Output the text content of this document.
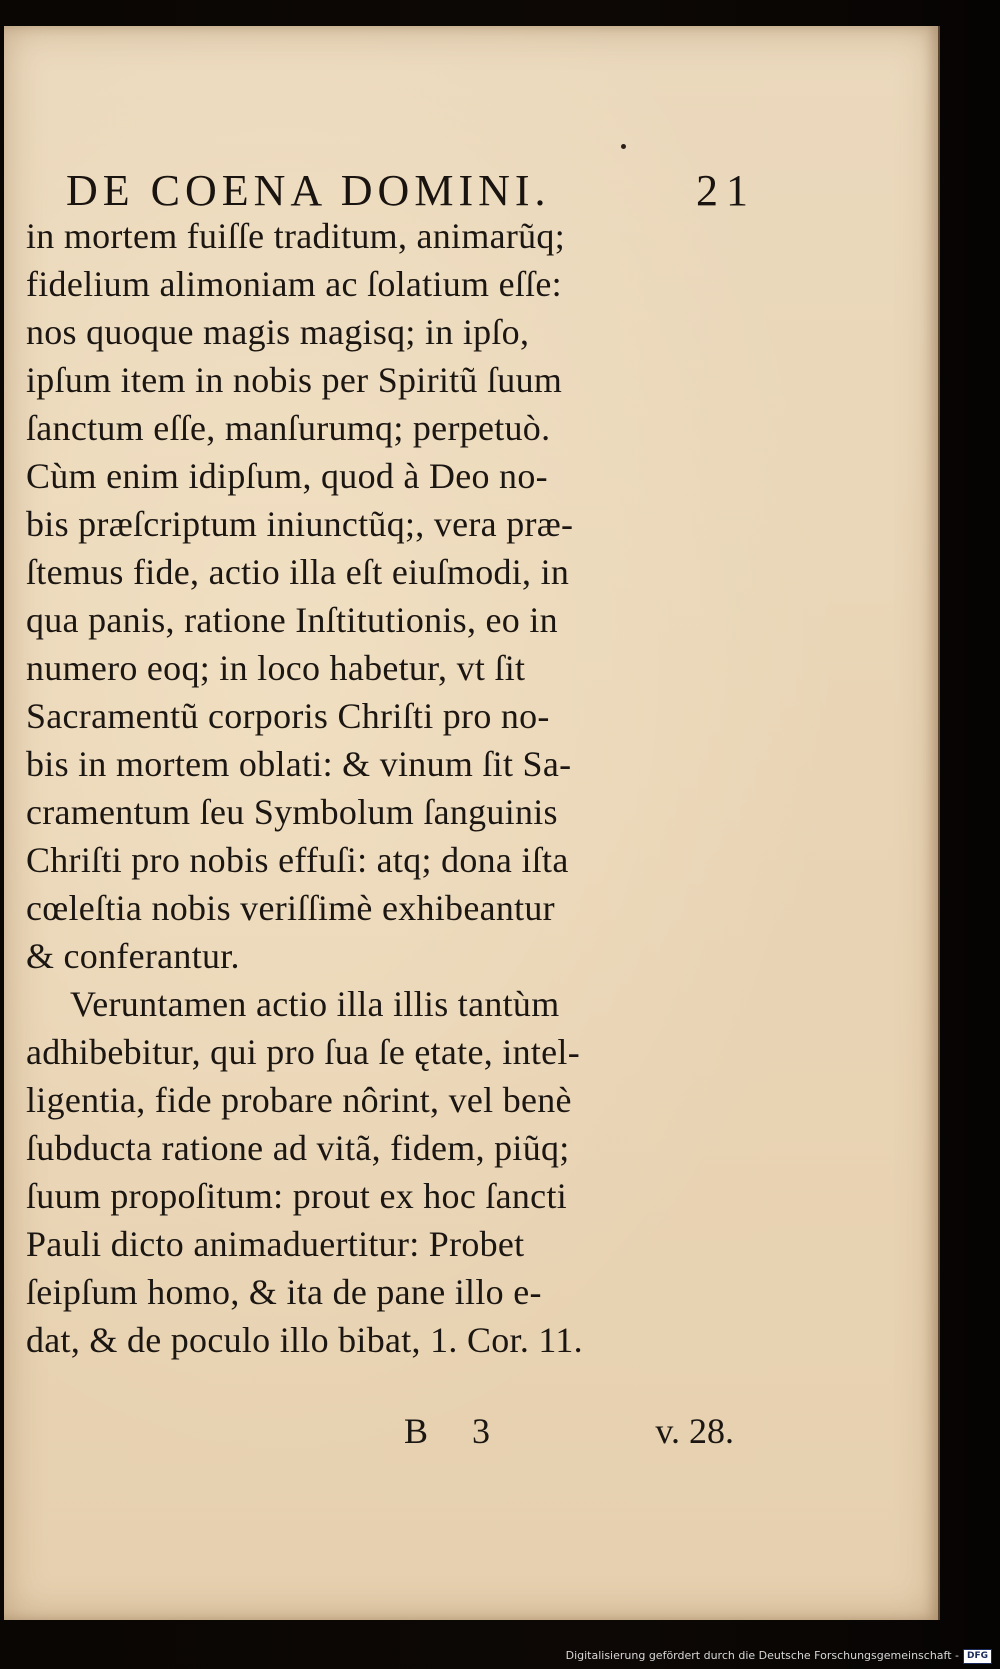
DE COENA DOMINI.	21
in mortem fuiſſe traditum, animarũq;
fidelium alimoniam ac ſolatium eſſe:
nos quoque magis magisq; in ipſo,
ipſum item in nobis per Spiritũ ſuum
ſanctum eſſe, manſurumq; perpetuò.
Cùm enim idipſum, quod à Deo no-
bis præſcriptum iniunctũq;, vera præ-
ſtemus fide, actio illa eſt eiuſmodi, in
qua panis, ratione Inſtitutionis, eo in
numero eoq; in loco habetur, vt ſit
Sacramentũ corporis Chriſti pro no-
bis in mortem oblati: & vinum ſit Sa-
cramentum ſeu Symbolum ſanguinis
Chriſti pro nobis effuſi: atq; dona iſta
cœleſtia nobis veriſſimè exhibeantur
& conferantur.
Veruntamen actio illa illis tantùm
adhibebitur, qui pro ſua ſe ętate, intel-
ligentia, fide probare nôrint, vel benè
ſubducta ratione ad vitã, fidem, piũq;
ſuum propoſitum: prout ex hoc ſancti
Pauli dicto animaduertitur: Probet
ſeipſum homo, & ita de pane illo e-
dat, & de poculo illo bibat, 1. Cor. 11.
B 3	v. 28.
Digitalisierung gefördert durch die Deutsche Forschungsgemeinschaft - DFG
